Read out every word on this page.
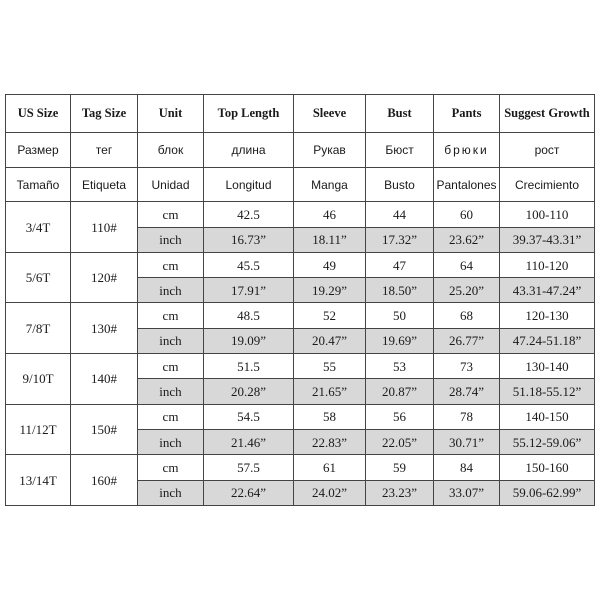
US Size	Tag Size	Unit	Top Length	Sleeve	Bust	Pants	Suggest Growth
Размер	тег	блок	длина	Рукав	Бюст	брюки	рост
Tamaño	Etiqueta	Unidad	Longitud	Manga	Busto	Pantalones	Crecimiento
3/4T	110#	cm	42.5	46	44	60	100-110
		inch	16.73”	18.11”	17.32”	23.62”	39.37-43.31”
5/6T	120#	cm	45.5	49	47	64	110-120
		inch	17.91”	19.29”	18.50”	25.20”	43.31-47.24”
7/8T	130#	cm	48.5	52	50	68	120-130
		inch	19.09”	20.47”	19.69”	26.77”	47.24-51.18”
9/10T	140#	cm	51.5	55	53	73	130-140
		inch	20.28”	21.65”	20.87”	28.74”	51.18-55.12”
11/12T	150#	cm	54.5	58	56	78	140-150
		inch	21.46”	22.83”	22.05”	30.71”	55.12-59.06”
13/14T	160#	cm	57.5	61	59	84	150-160
		inch	22.64”	24.02”	23.23”	33.07”	59.06-62.99”
